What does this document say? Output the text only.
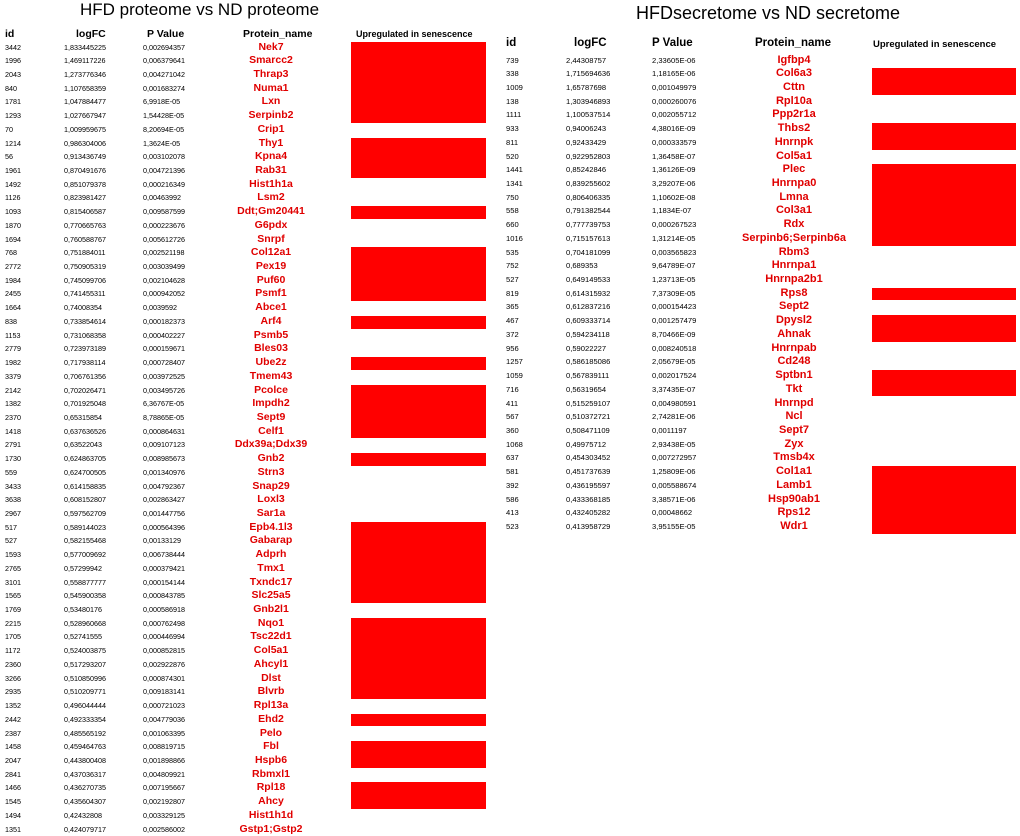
HFD proteome vs ND proteome
id	logFC	P Value	Protein_name	Upregulated in senescence
3442	1,833445225	0,002694357	Nek7
1996	1,469117226	0,006379641	Smarcc2
2043	1,273776346	0,004271042	Thrap3
840	1,107658359	0,001683274	Numa1
1781	1,047884477	6,9918E-05	Lxn
1293	1,027667947	1,54428E-05	Serpinb2
70	1,009959675	8,20694E-05	Crip1
1214	0,986304006	1,3624E-05	Thy1
56	0,913436749	0,003102078	Kpna4
1961	0,870491676	0,004721396	Rab31
1492	0,851079378	0,000216349	Hist1h1a
1126	0,823981427	0,00463992	Lsm2
1093	0,815406587	0,009587599	Ddt;Gm20441
1870	0,770665763	0,000223676	G6pdx
1694	0,760588767	0,005612726	Snrpf
768	0,751884011	0,002521198	Col12a1
2772	0,750905319	0,003039499	Pex19
1984	0,745099706	0,002104628	Puf60
2455	0,741455311	0,000942052	Psmf1
1664	0,74008354	0,0039592	Abce1
838	0,733854614	0,000182373	Arf4
1153	0,731068358	0,000402227	Psmb5
2779	0,723973189	0,000159671	Bles03
1982	0,717938114	0,000728407	Ube2z
3379	0,706761356	0,003972525	Tmem43
2142	0,702026471	0,003495726	Pcolce
1382	0,701925048	6,36767E-05	Impdh2
2370	0,65315854	8,78865E-05	Sept9
1418	0,637636526	0,000864631	Celf1
2791	0,63522043	0,009107123	Ddx39a;Ddx39
1730	0,624863705	0,008985673	Gnb2
559	0,624700505	0,001340976	Strn3
3433	0,614158835	0,004792367	Snap29
3638	0,608152807	0,002863427	Loxl3
2967	0,597562709	0,001447756	Sar1a
517	0,589144023	0,000564396	Epb4.1l3
527	0,582155468	0,00133129	Gabarap
1593	0,577009692	0,006738444	Adprh
2765	0,57299942	0,000379421	Tmx1
3101	0,558877777	0,000154144	Txndc17
1565	0,545900358	0,000843785	Slc25a5
1769	0,53480176	0,000586918	Gnb2l1
2215	0,528960668	0,000762498	Nqo1
1705	0,52741555	0,000446994	Tsc22d1
1172	0,524003875	0,000852815	Col5a1
2360	0,517293207	0,002922876	Ahcyl1
3266	0,510850996	0,000874301	Dlst
2935	0,510209771	0,009183141	Blvrb
1352	0,496044444	0,000721023	Rpl13a
2442	0,492333354	0,004779036	Ehd2
2387	0,485565192	0,001063395	Pelo
1458	0,459464763	0,008819715	Fbl
2047	0,443800408	0,001898866	Hspb6
2841	0,437036317	0,004809921	Rbmxl1
1466	0,436270735	0,007195667	Rpl18
1545	0,435604307	0,002192807	Ahcy
1494	0,42432808	0,003329125	Hist1h1d
1351	0,424079717	0,002586002	Gstp1;Gstp2
HFDsecretome vs ND secretome
id	logFC	P Value	Protein_name	Upregulated in senescence
739	2,44308757	2,33605E-06	Igfbp4
338	1,715694636	1,18165E-06	Col6a3
1009	1,65787698	0,001049979	Cttn
138	1,303946893	0,000260076	Rpl10a
1111	1,100537514	0,002055712	Ppp2r1a
933	0,94006243	4,38016E-09	Thbs2
811	0,92433429	0,000333579	Hnrnpk
520	0,922952803	1,36458E-07	Col5a1
1441	0,85242846	1,36126E-09	Plec
1341	0,839255602	3,29207E-06	Hnrnpa0
750	0,806406335	1,10602E-08	Lmna
558	0,791382544	1,1834E-07	Col3a1
660	0,777739753	0,000267523	Rdx
1016	0,715157613	1,31214E-05	Serpinb6;Serpinb6a
535	0,704181099	0,003565823	Rbm3
752	0,689353	9,64789E-07	Hnrnpa1
527	0,649149533	1,23713E-05	Hnrnpa2b1
819	0,614315932	7,37309E-05	Rps8
365	0,612837216	0,000154423	Sept2
467	0,609333714	0,001257479	Dpysl2
372	0,594234118	8,70466E-09	Ahnak
956	0,59022227	0,008240518	Hnrnpab
1257	0,586185086	2,05679E-05	Cd248
1059	0,567839111	0,002017524	Sptbn1
716	0,56319654	3,37435E-07	Tkt
411	0,515259107	0,004980591	Hnrnpd
567	0,510372721	2,74281E-06	Ncl
360	0,508471109	0,0011197	Sept7
1068	0,49975712	2,93438E-05	Zyx
637	0,454303452	0,007272957	Tmsb4x
581	0,451737639	1,25809E-06	Col1a1
392	0,436195597	0,005588674	Lamb1
586	0,433368185	3,38571E-06	Hsp90ab1
413	0,432405282	0,00048662	Rps12
523	0,413958729	3,95155E-05	Wdr1
